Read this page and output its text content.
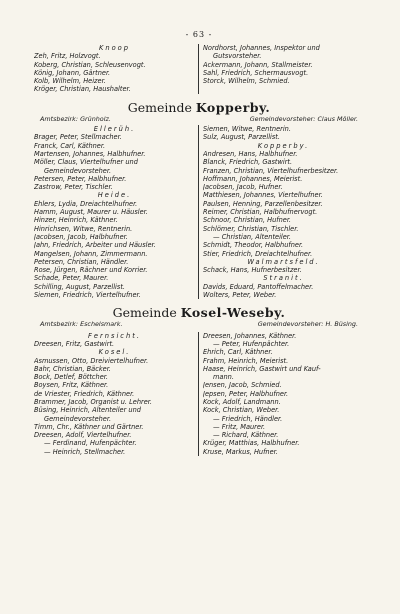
- 63 -
Knoop
Zeh, Fritz, Holzvogt.
Koberg, Christian, Schleusenvogt.
König, Johann, Gärtner.
Kolb, Wilhelm, Heizer.
Kröger, Christian, Haushalter.
Nordhorst, Johannes, Inspektor und
Gutsvorsteher.
Ackermann, Johann, Stallmeister.
Sahl, Friedrich, Schermausvogt.
Storck, Wilhelm, Schmied.
Gemeinde Kopperby.
Amtsbezirk: Grünholz.	Gemeindevorsteher: Claus Möller.
Ellerüh.
Brager, Peter, Stellmacher.
Franck, Carl, Käthner.
Martensen, Johannes, Halbhufner.
Möller, Claus, Viertelhufner und
Gemeindevorsteher.
Petersen, Peter, Halbhufner.
Zastrow, Peter, Tischler.
Heide.
Ehlers, Lydia, Dreiachtelhufner.
Hamm, August, Maurer u. Häusler.
Hinzer, Heinrich, Käthner.
Hinrichsen, Witwe, Rentnerin.
Jacobsen, Jacob, Halbhufner.
Jahn, Friedrich, Arbeiter und Häusler.
Mangelsen, Johann, Zimmermann.
Petersen, Christian, Händler.
Rose, Jürgen, Rächner und Korrier.
Schade, Peter, Maurer.
Schilling, August, Parzellist.
Siemen, Friedrich, Viertelhufner.
Siemen, Witwe, Rentnerin.
Sulz, August, Parzellist.
Kopperby.
Andresen, Hans, Halbhufner.
Blanck, Friedrich, Gastwirt.
Franzen, Christian, Viertelhufnerbesitzer.
Hoffmann, Johannes, Meierist.
Jacobsen, Jacob, Hufner.
Matthiesen, Johannes, Viertelhufner.
Paulsen, Henning, Parzellenbesitzer.
Reimer, Christian, Halbhufnervogt.
Schnoor, Christian, Hufner.
Schlömer, Christian, Tischler.
— Christian, Altenteiler.
Schmidt, Theodor, Halbhufner.
Stier, Friedrich, Dreiachtelhufner.
Walmartsfeld.
Schack, Hans, Hufnerbesitzer.
Stranit.
Davids, Eduard, Pantoffelmacher.
Wolters, Peter, Weber.
Gemeinde Kosel-Weseby.
Amtsbezirk: Eschelsmark.	Gemeindevorsteher: H. Büsing.
Fernsicht.
Dreesen, Fritz, Gastwirt.
Kosel.
Asmussen, Otto, Dreiviertelhufner.
Bahr, Christian, Bäcker.
Bock, Detlef, Böttcher.
Boysen, Fritz, Käthner.
de Vriester, Friedrich, Käthner.
Brammer, Jacob, Organist u. Lehrer.
Büsing, Heinrich, Altenteiler und
Gemeindevorsteher.
Timm, Chr., Käthner und Gärtner.
Dreesen, Adolf, Viertelhufner.
— Ferdinand, Hufenpächter.
— Heinrich, Stellmacher.
Dreesen, Johannes, Käthner.
— Peter, Hufenpächter.
Ehrich, Carl, Käthner.
Frahm, Heinrich, Meierist.
Haase, Heinrich, Gastwirt und Kauf-
mann.
Jensen, Jacob, Schmied.
Jepsen, Peter, Halbhufner.
Kock, Adolf, Landmann.
Kock, Christian, Weber.
— Friedrich, Händler.
— Fritz, Maurer.
— Richard, Käthner.
Krüger, Matthias, Halbhufner.
Kruse, Markus, Hufner.
